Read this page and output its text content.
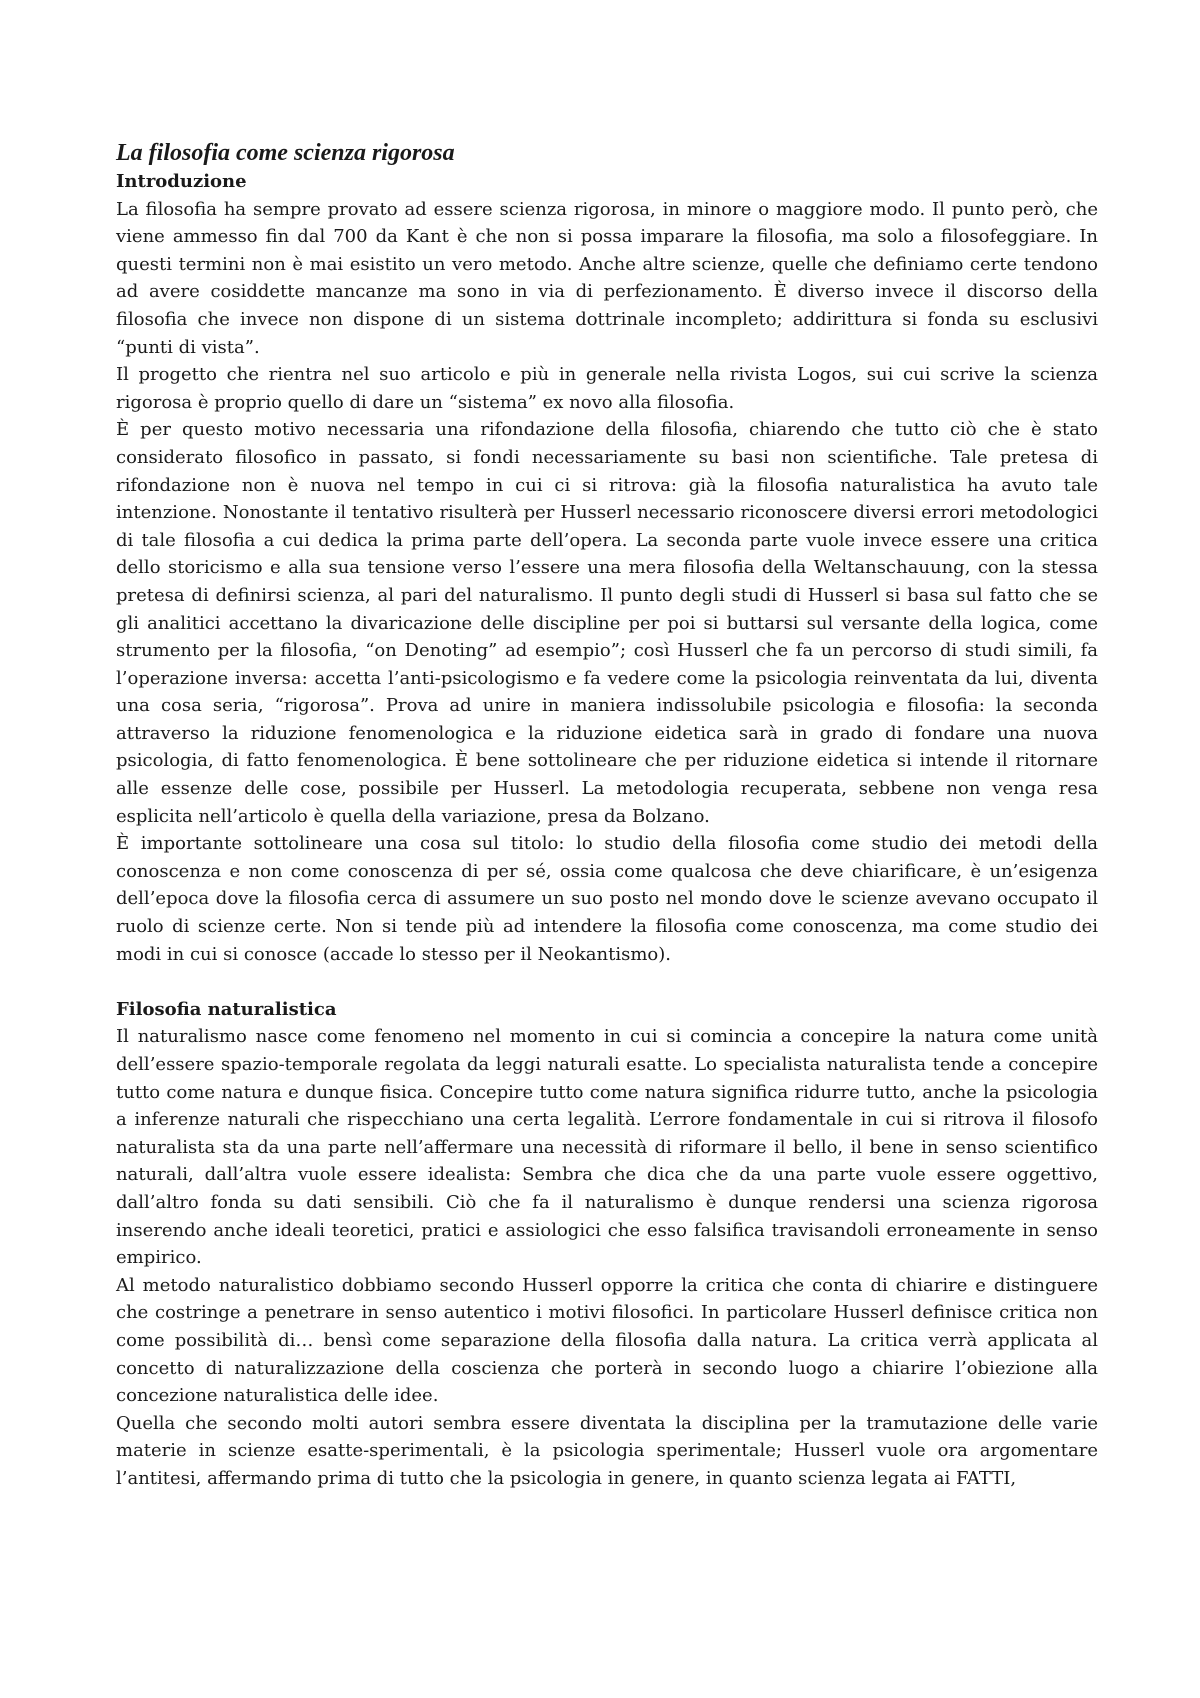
La filosofia come scienza rigorosa
Introduzione

La filosofia ha sempre provato ad essere scienza rigorosa, in minore o maggiore modo. Il punto però, che viene ammesso fin dal 700 da Kant è che non si possa imparare la filosofia, ma solo a filosofeggiare. In questi termini non è mai esistito un vero metodo. Anche altre scienze, quelle che definiamo certe tendono ad avere cosiddette mancanze ma sono in via di perfezionamento. È diverso invece il discorso della filosofia che invece non dispone di un sistema dottrinale incompleto; addirittura si fonda su esclusivi “punti di vista”.

Il progetto che rientra nel suo articolo e più in generale nella rivista Logos, sui cui scrive la scienza rigorosa è proprio quello di dare un “sistema” ex novo alla filosofia.

È per questo motivo necessaria una rifondazione della filosofia, chiarendo che tutto ciò che è stato considerato filosofico in passato, si fondi necessariamente su basi non scientifiche. Tale pretesa di rifondazione non è nuova nel tempo in cui ci si ritrova: già la filosofia naturalistica ha avuto tale intenzione. Nonostante il tentativo risulterà per Husserl necessario riconoscere diversi errori metodologici di tale filosofia a cui dedica la prima parte dell’opera. La seconda parte vuole invece essere una critica dello storicismo e alla sua tensione verso l’essere una mera filosofia della Weltanschauung, con la stessa pretesa di definirsi scienza, al pari del naturalismo. Il punto degli studi di Husserl si basa sul fatto che se gli analitici accettano la divaricazione delle discipline per poi si buttarsi sul versante della logica, come strumento per la filosofia, “on Denoting” ad esempio”; così Husserl che fa un percorso di studi simili, fa l’operazione inversa: accetta l’anti-psicologismo e fa vedere come la psicologia reinventata da lui, diventa una cosa seria, “rigorosa”. Prova ad unire in maniera indissolubile psicologia e filosofia: la seconda attraverso la riduzione fenomenologica e la riduzione eidetica sarà in grado di fondare una nuova psicologia, di fatto fenomenologica. È bene sottolineare che per riduzione eidetica si intende il ritornare alle essenze delle cose, possibile per Husserl. La metodologia recuperata, sebbene non venga resa esplicita nell’articolo è quella della variazione, presa da Bolzano.

È importante sottolineare una cosa sul titolo: lo studio della filosofia come studio dei metodi della conoscenza e non come conoscenza di per sé, ossia come qualcosa che deve chiarificare, è un’esigenza dell’epoca dove la filosofia cerca di assumere un suo posto nel mondo dove le scienze avevano occupato il ruolo di scienze certe. Non si tende più ad intendere la filosofia come conoscenza, ma come studio dei modi in cui si conosce (accade lo stesso per il Neokantismo).

Filosofia naturalistica

Il naturalismo nasce come fenomeno nel momento in cui si comincia a concepire la natura come unità dell’essere spazio-temporale regolata da leggi naturali esatte. Lo specialista naturalista tende a concepire tutto come natura e dunque fisica. Concepire tutto come natura significa ridurre tutto, anche la psicologia a inferenze naturali che rispecchiano una certa legalità. L’errore fondamentale in cui si ritrova il filosofo naturalista sta da una parte nell’affermare una necessità di riformare il bello, il bene in senso scientifico naturali, dall’altra vuole essere idealista: Sembra che dica che da una parte vuole essere oggettivo, dall’altro fonda su dati sensibili. Ciò che fa il naturalismo è dunque rendersi una scienza rigorosa inserendo anche ideali teoretici, pratici e assiologici che esso falsifica travisandoli erroneamente in senso empirico.

Al metodo naturalistico dobbiamo secondo Husserl opporre la critica che conta di chiarire e distinguere che costringe a penetrare in senso autentico i motivi filosofici. In particolare Husserl definisce critica non come possibilità di… bensì come separazione della filosofia dalla natura. La critica verrà applicata al concetto di naturalizzazione della coscienza che porterà in secondo luogo a chiarire l’obiezione alla concezione naturalistica delle idee.

Quella che secondo molti autori sembra essere diventata la disciplina per la tramutazione delle varie materie in scienze esatte-sperimentali, è la psicologia sperimentale; Husserl vuole ora argomentare l’antitesi, affermando prima di tutto che la psicologia in genere, in quanto scienza legata ai FATTI,
